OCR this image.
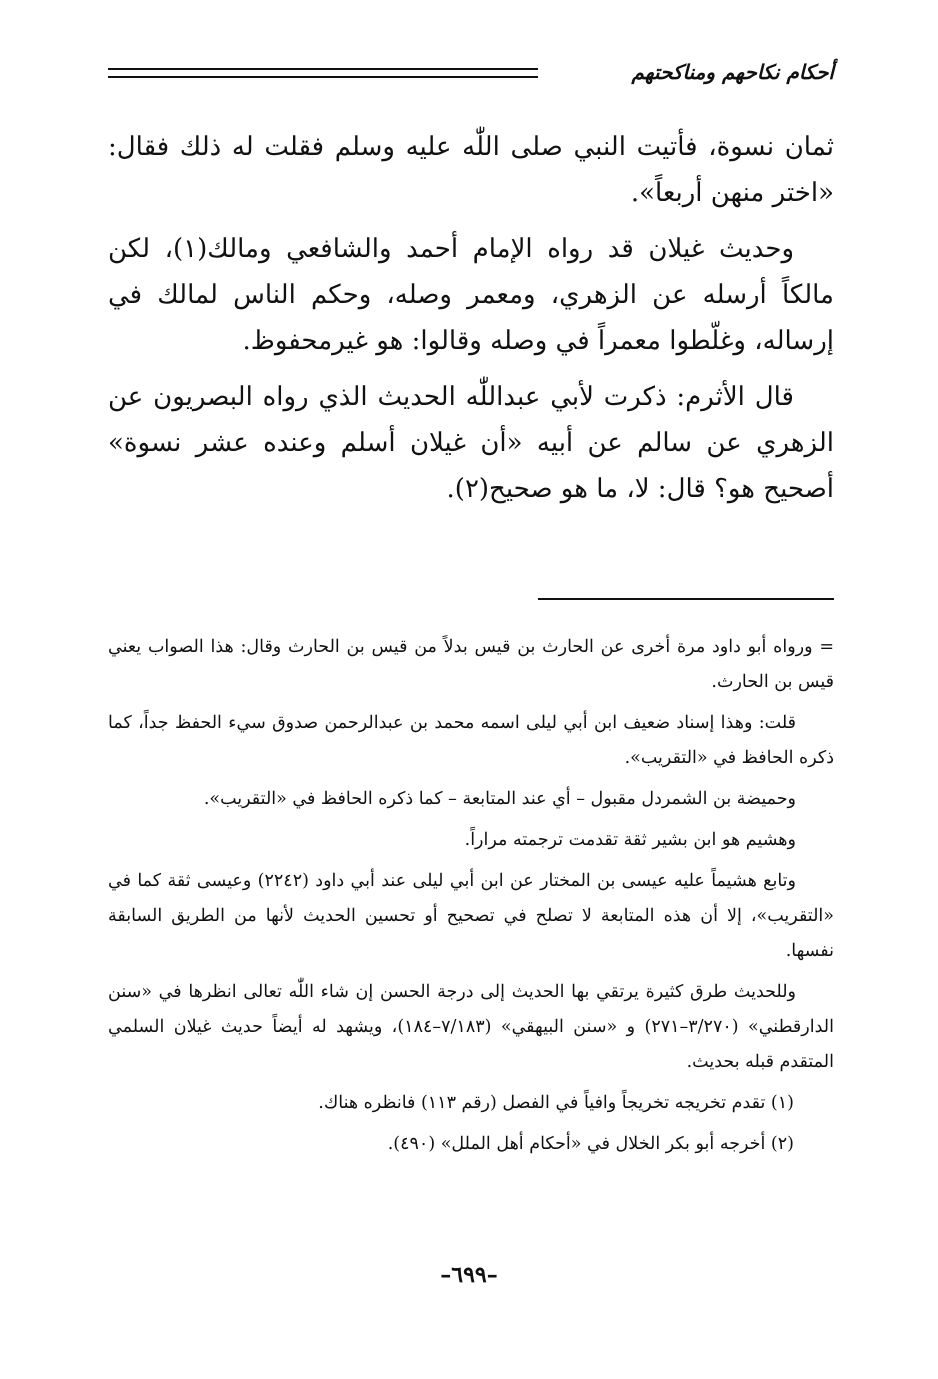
أحكام نكاحهم ومناكحتهم

ثمان نسوة، فأتيت النبي صلى اللّٰه عليه وسلم فقلت له ذلك فقال: «اختر منهن أربعاً».

وحديث غيلان قد رواه الإمام أحمد والشافعي ومالك(١)، لكن مالكاً أرسله عن الزهري، ومعمر وصله، وحكم الناس لمالك في إرساله، وغلّطوا معمراً في وصله وقالوا: هو غيرمحفوظ.

قال الأثرم: ذكرت لأبي عبداللّٰه الحديث الذي رواه البصريون عن الزهري عن سالم عن أبيه «أن غيلان أسلم وعنده عشر نسوة» أصحيح هو؟ قال: لا، ما هو صحيح(٢).

= ورواه أبو داود مرة أخرى عن الحارث بن قيس بدلاً من قيس بن الحارث وقال: هذا الصواب يعني قيس بن الحارث.

قلت: وهذا إسناد ضعيف ابن أبي ليلى اسمه محمد بن عبدالرحمن صدوق سيء الحفظ جداً، كما ذكره الحافظ في «التقريب».

وحميضة بن الشمردل مقبول – أي عند المتابعة – كما ذكره الحافظ في «التقريب».

وهشيم هو ابن بشير ثقة تقدمت ترجمته مراراً.

وتابع هشيماً عليه عيسى بن المختار عن ابن أبي ليلى عند أبي داود (٢٢٤٢) وعيسى ثقة كما في «التقريب»، إلا أن هذه المتابعة لا تصلح في تصحيح أو تحسين الحديث لأنها من الطريق السابقة نفسها.

وللحديث طرق كثيرة يرتقي بها الحديث إلى درجة الحسن إن شاء اللّٰه تعالى انظرها في «سنن الدارقطني» (٣/٢٧٠–٢٧١) و «سنن البيهقي» (٧/١٨٣–١٨٤)، ويشهد له أيضاً حديث غيلان السلمي المتقدم قبله بحديث.

(١) تقدم تخريجه تخريجاً وافياً في الفصل (رقم ١١٣) فانظره هناك.

(٢) أخرجه أبو بكر الخلال في «أحكام أهل الملل» (٤٩٠).

–٦٩٩–
